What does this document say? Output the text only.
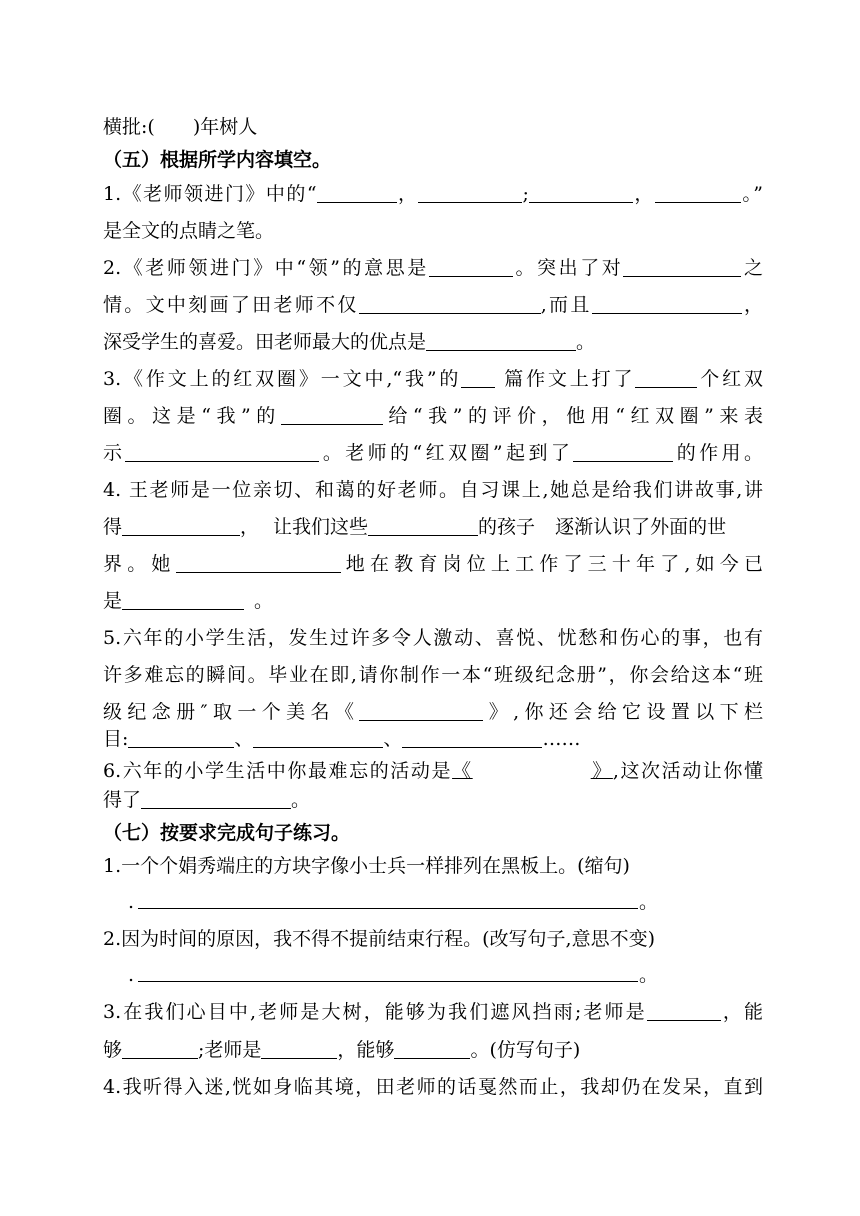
横批:(　　)年树人
（五）根据所学内容填空。
1.《老师领进门》中的“	，	;	，	。”
是全文的点睛之笔。
2.《老师领进门》中“领”的意思是	。突出了对	之
情。文中刻画了田老师不仅	,而且	，
深受学生的喜爱。田老师最大的优点是	。
3.《作文上的红双圈》一文中,“我”的 篇作文上打了	个红双
圈。这是“我”的	给“我”的评价，他用“红双圈”来表
示	。老师的“红双圈”起到了	的作用。
4. 王老师是一位亲切、和蔼的好老师。自习课上,她总是给我们讲故事,讲
得	， 让我们这些	的孩子 逐渐认识了外面的世
界。她	地在教育岗位上工作了三十年了,如今已
是	。
5.六年的小学生活，发生过许多令人激动、喜悦、忧愁和伤心的事，也有
许多难忘的瞬间。毕业在即,请你制作一本“班级纪念册”，你会给这本“班
级纪念册″取一个美名《	》,你还会给它设置以下栏
目:	、	、	……
6.六年的小学生活中你最难忘的活动是《	》,这次活动让你懂
得了	。
（七）按要求完成句子练习。
1.一个个娟秀端庄的方块字像小士兵一样排列在黑板上。(缩句)
.	。
2.因为时间的原因，我不得不提前结束行程。(改写句子,意思不变)
.	。
3.在我们心目中,老师是大树，能够为我们遮风挡雨;老师是	，能
够	;老师是	，能够	。(仿写句子)
4.我听得入迷,恍如身临其境，田老师的话戛然而止，我却仍在发呆，直到
